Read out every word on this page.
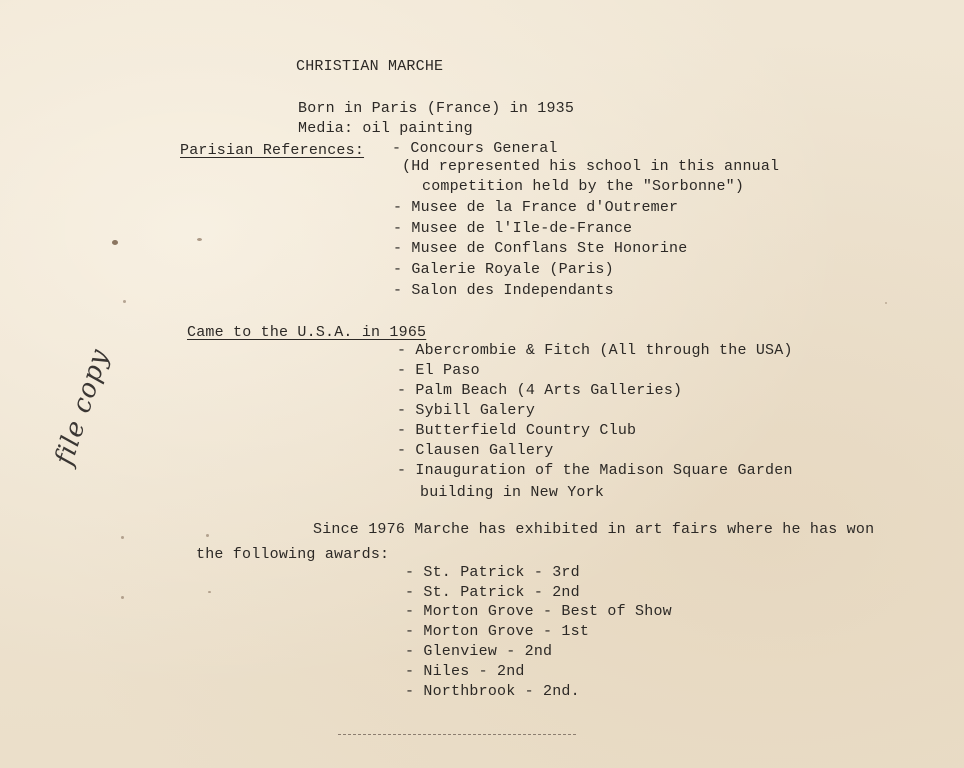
CHRISTIAN MARCHE
Born in Paris (France) in 1935
Media: oil painting
Parisian References: - Concours General
(Hd represented his school in this annual
competition held by the "Sorbonne")
- Musee de la France d'Outremer
- Musee de l'Ile-de-France
- Musee de Conflans Ste Honorine
- Galerie Royale (Paris)
- Salon des Independants
Came to the U.S.A. in 1965
- Abercrombie & Fitch (All through the USA)
- El Paso
- Palm Beach (4 Arts Galleries)
- Sybill Galery
- Butterfield Country Club
- Clausen Gallery
- Inauguration of the Madison Square Garden
building in New York
Since 1976 Marche has exhibited in art fairs where he has won
the following awards:
- St. Patrick - 3rd
- St. Patrick - 2nd
- Morton Grove - Best of Show
- Morton Grove - 1st
- Glenview - 2nd
- Niles - 2nd
- Northbrook - 2nd.
file copy
